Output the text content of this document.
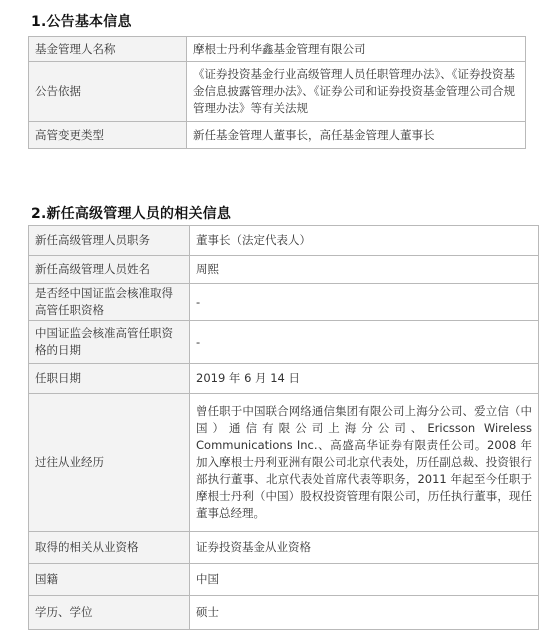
1.公告基本信息
基金管理人名称	摩根士丹利华鑫基金管理有限公司
公告依据	《证券投资基金行业高级管理人员任职管理办法》、《证券投资基金信息披露管理办法》、《证券公司和证券投资基金管理公司合规管理办法》等有关法规
高管变更类型	新任基金管理人董事长，高任基金管理人董事长
2.新任高级管理人员的相关信息
新任高级管理人员职务	董事长（法定代表人）
新任高级管理人员姓名	周熙
是否经中国证监会核准取得高管任职资格	-
中国证监会核准高管任职资格的日期	-
任职日期	2019 年 6 月 14 日
过往从业经历	曾任职于中国联合网络通信集团有限公司上海分公司、爱立信（中国）通信有限公司上海分公司、Ericsson Wireless Communications Inc.、高盛高华证券有限责任公司。2008 年加入摩根士丹利亚洲有限公司北京代表处，历任副总裁、投资银行部执行董事、北京代表处首席代表等职务，2011 年起至今任职于摩根士丹利（中国）股权投资管理有限公司，历任执行董事，现任董事总经理。
取得的相关从业资格	证券投资基金从业资格
国籍	中国
学历、学位	硕士
